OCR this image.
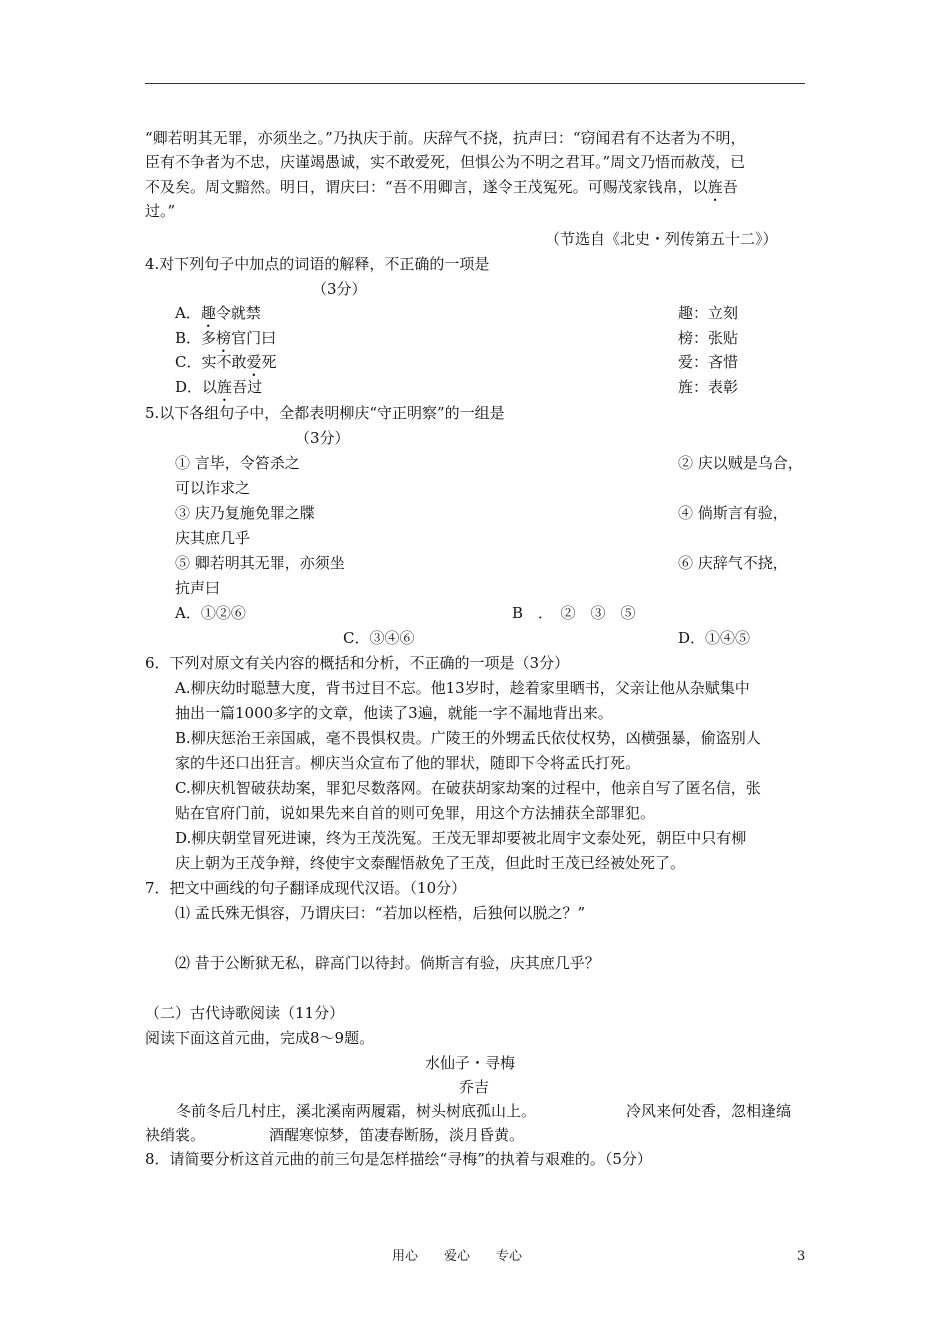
“卿若明其无罪，亦须坐之。”乃执庆于前。庆辞气不挠，抗声曰：“窃闻君有不达者为不明，
臣有不争者为不忠，庆谨竭愚诚，实不敢爱死，但惧公为不明之君耳。”周文乃悟而赦茂，已
不及矣。周文黯然。明日，谓庆曰：“吾不用卿言，遂令王茂冤死。可赐茂家钱帛，以旌吾
过。”
（节选自《北史・列传第五十二》）
4.对下列句子中加点的词语的解释，不正确的一项是
（3分）
A．趣令就禁	趣：立刻
B．多榜官门曰	榜：张贴
C．实不敢爱死	爱：吝惜
D．以旌吾过	旌：表彰
5.以下各组句子中，全都表明柳庆“守正明察”的一组是
（3分）
① 言毕，令笞杀之	② 庆以贼是乌合，
可以诈求之
③ 庆乃复施免罪之牒	④ 倘斯言有验，
庆其庶几乎
⑤ 卿若明其无罪，亦须坐	⑥ 庆辞气不挠，
抗声曰
A．①②⑥	B　．　②　③　⑤
C．③④⑥	D．①④⑤
6．下列对原文有关内容的概括和分析，不正确的一项是（3分）
A.柳庆幼时聪慧大度，背书过目不忘。他13岁时，趁着家里晒书，父亲让他从杂赋集中
抽出一篇1000多字的文章，他读了3遍，就能一字不漏地背出来。
B.柳庆惩治王亲国戚，毫不畏惧权贵。广陵王的外甥孟氏依仗权势，凶横强暴，偷盗别人
家的牛还口出狂言。柳庆当众宣布了他的罪状，随即下令将孟氏打死。
C.柳庆机智破获劫案，罪犯尽数落网。在破获胡家劫案的过程中，他亲自写了匿名信，张
贴在官府门前，说如果先来自首的则可免罪，用这个方法捕获全部罪犯。
D.柳庆朝堂冒死进谏，终为王茂洗冤。王茂无罪却要被北周宇文泰处死，朝臣中只有柳
庆上朝为王茂争辩，终使宇文泰醒悟赦免了王茂，但此时王茂已经被处死了。
7．把文中画线的句子翻译成现代汉语。（10分）
⑴ 孟氏殊无惧容，乃谓庆曰：“若加以桎梏，后独何以脱之？”
⑵ 昔于公断狱无私，辟高门以待封。倘斯言有验，庆其庶几乎？
（二）古代诗歌阅读（11分）
阅读下面这首元曲，完成8～9题。
水仙子・寻梅
乔吉
冬前冬后几村庄，溪北溪南两履霜，树头树底孤山上。	冷风来何处香，忽相逢缟
袂绡裳。	酒醒寒惊梦，笛凄春断肠，淡月昏黄。
8．请简要分析这首元曲的前三句是怎样描绘“寻梅”的执着与艰难的。（5分）
用心　　爱心　　专心	3
